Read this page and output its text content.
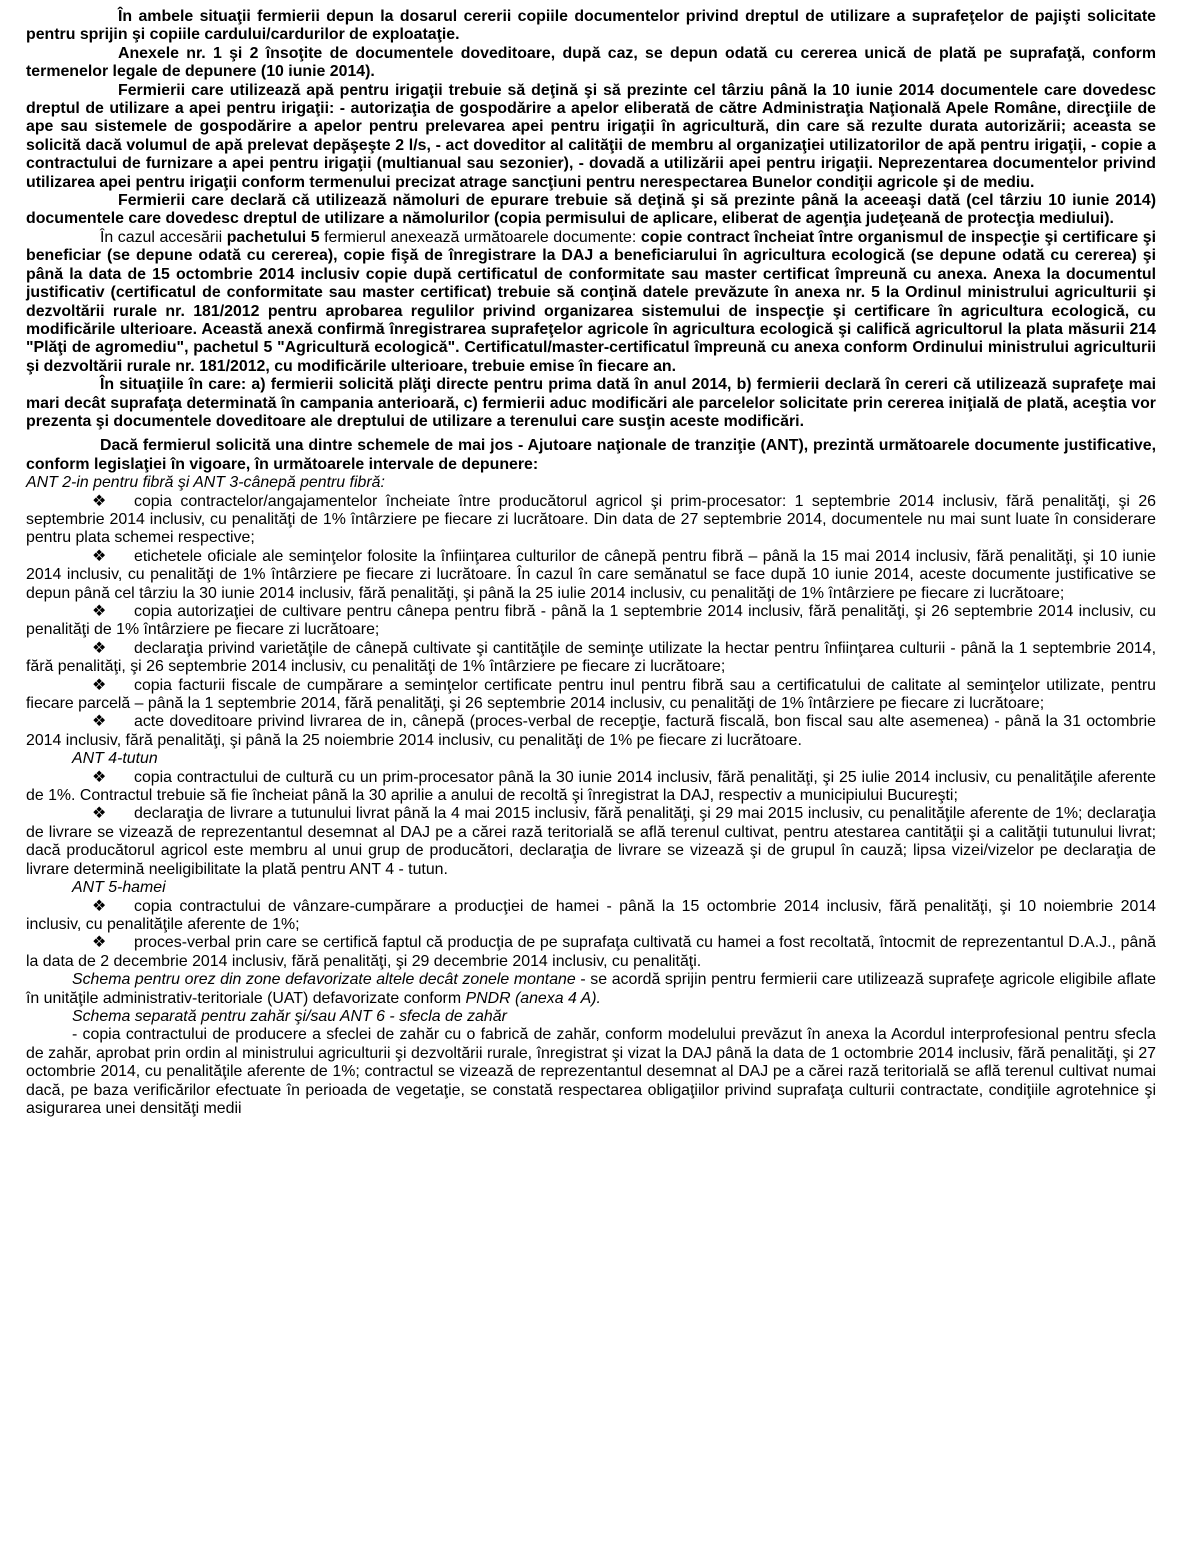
În ambele situaţii fermierii depun la dosarul cererii copiile documentelor privind dreptul de utilizare a suprafeţelor de pajişti solicitate pentru sprijin şi copiile cardului/cardurilor de exploataţie.

Anexele nr. 1 şi 2 însoţite de documentele doveditoare, după caz, se depun odată cu cererea unică de plată pe suprafaţă, conform termenelor legale de depunere (10 iunie 2014).

Fermierii care utilizează apă pentru irigaţii trebuie să deţină şi să prezinte cel târziu până la 10 iunie 2014 documentele care dovedesc dreptul de utilizare a apei pentru irigaţii: - autorizaţia de gospodărire a apelor eliberată de către Administraţia Naţională Apele Române, direcţiile de ape sau sistemele de gospodărire a apelor pentru prelevarea apei pentru irigaţii în agricultură, din care să rezulte durata autorizării; aceasta se solicită dacă volumul de apă prelevat depăşeşte 2 l/s, - act doveditor al calităţii de membru al organizaţiei utilizatorilor de apă pentru irigaţii, - copie a contractului de furnizare a apei pentru irigaţii (multianual sau sezonier), - dovadă a utilizării apei pentru irigaţii. Neprezentarea documentelor privind utilizarea apei pentru irigaţii conform termenului precizat atrage sancţiuni pentru nerespectarea Bunelor condiţii agricole şi de mediu.

Fermierii care declară că utilizează nămoluri de epurare trebuie să deţină şi să prezinte până la aceeaşi dată (cel târziu 10 iunie 2014) documentele care dovedesc dreptul de utilizare a nămolurilor (copia permisului de aplicare, eliberat de agenţia judeţeană de protecţia mediului).

În cazul accesării pachetului 5 fermierul anexează următoarele documente: copie contract încheiat între organismul de inspecţie şi certificare şi beneficiar (se depune odată cu cererea), copie fişă de înregistrare la DAJ a beneficiarului în agricultura ecologică (se depune odată cu cererea) şi până la data de 15 octombrie 2014 inclusiv copie după certificatul de conformitate sau master certificat împreună cu anexa. Anexa la documentul justificativ (certificatul de conformitate sau master certificat) trebuie să conţină datele prevăzute în anexa nr. 5 la Ordinul ministrului agriculturii şi dezvoltării rurale nr. 181/2012 pentru aprobarea regulilor privind organizarea sistemului de inspecţie şi certificare în agricultura ecologică, cu modificările ulterioare. Această anexă confirmă înregistrarea suprafeţelor agricole în agricultura ecologică şi califică agricultorul la plata măsurii 214 "Plăţi de agromediu", pachetul 5 "Agricultură ecologică". Certificatul/master-certificatul împreună cu anexa conform Ordinului ministrului agriculturii şi dezvoltării rurale nr. 181/2012, cu modificările ulterioare, trebuie emise în fiecare an.

În situaţiile în care: a) fermierii solicită plăţi directe pentru prima dată în anul 2014, b) fermierii declară în cereri că utilizează suprafeţe mai mari decât suprafaţa determinată în campania anterioară, c) fermierii aduc modificări ale parcelelor solicitate prin cererea iniţială de plată, aceştia vor prezenta şi documentele doveditoare ale dreptului de utilizare a terenului care susţin aceste modificări.

Dacă fermierul solicită una dintre schemele de mai jos - Ajutoare naţionale de tranziţie (ANT), prezintă următoarele documente justificative, conform legislaţiei în vigoare, în următoarele intervale de depunere:

ANT 2-in pentru fibră şi ANT 3-cânepă pentru fibră:

❖ copia contractelor/angajamentelor încheiate între producătorul agricol şi prim-procesator: 1 septembrie 2014 inclusiv, fără penalităţi, şi 26 septembrie 2014 inclusiv, cu penalităţi de 1% întârziere pe fiecare zi lucrătoare. Din data de 27 septembrie 2014, documentele nu mai sunt luate în considerare pentru plata schemei respective;

❖ etichetele oficiale ale seminţelor folosite la înfiinţarea culturilor de cânepă pentru fibră – până la 15 mai 2014 inclusiv, fără penalităţi, şi 10 iunie 2014 inclusiv, cu penalităţi de 1% întârziere pe fiecare zi lucrătoare. În cazul în care semănatul se face după 10 iunie 2014, aceste documente justificative se depun până cel târziu la 30 iunie 2014 inclusiv, fără penalităţi, şi până la 25 iulie 2014 inclusiv, cu penalităţi de 1% întârziere pe fiecare zi lucrătoare;

❖ copia autorizaţiei de cultivare pentru cânepa pentru fibră - până la 1 septembrie 2014 inclusiv, fără penalităţi, şi 26 septembrie 2014 inclusiv, cu penalităţi de 1% întârziere pe fiecare zi lucrătoare;

❖ declaraţia privind varietăţile de cânepă cultivate şi cantităţile de seminţe utilizate la hectar pentru înfiinţarea culturii - până la 1 septembrie 2014, fără penalităţi, şi 26 septembrie 2014 inclusiv, cu penalităţi de 1% întârziere pe fiecare zi lucrătoare;

❖ copia facturii fiscale de cumpărare a seminţelor certificate pentru inul pentru fibră sau a certificatului de calitate al seminţelor utilizate, pentru fiecare parcelă – până la 1 septembrie 2014, fără penalităţi, şi 26 septembrie 2014 inclusiv, cu penalităţi de 1% întârziere pe fiecare zi lucrătoare;

❖ acte doveditoare privind livrarea de in, cânepă (proces-verbal de recepţie, factură fiscală, bon fiscal sau alte asemenea) - până la 31 octombrie 2014 inclusiv, fără penalităţi, şi până la 25 noiembrie 2014 inclusiv, cu penalităţi de 1% pe fiecare zi lucrătoare.

ANT 4-tutun

❖ copia contractului de cultură cu un prim-procesator până la 30 iunie 2014 inclusiv, fără penalităţi, şi 25 iulie 2014 inclusiv, cu penalităţile aferente de 1%. Contractul trebuie să fie încheiat până la 30 aprilie a anului de recoltă şi înregistrat la DAJ, respectiv a municipiului Bucureşti;

❖ declaraţia de livrare a tutunului livrat până la 4 mai 2015 inclusiv, fără penalităţi, şi 29 mai 2015 inclusiv, cu penalităţile aferente de 1%; declaraţia de livrare se vizează de reprezentantul desemnat al DAJ pe a cărei rază teritorială se află terenul cultivat, pentru atestarea cantităţii şi a calităţii tutunului livrat; dacă producătorul agricol este membru al unui grup de producători, declaraţia de livrare se vizează şi de grupul în cauză; lipsa vizei/vizelor pe declaraţia de livrare determină neeligibilitate la plată pentru ANT 4 - tutun.

ANT 5-hamei

❖ copia contractului de vânzare-cumpărare a producţiei de hamei - până la 15 octombrie 2014 inclusiv, fără penalităţi, şi 10 noiembrie 2014 inclusiv, cu penalităţile aferente de 1%;

❖ proces-verbal prin care se certifică faptul că producţia de pe suprafaţa cultivată cu hamei a fost recoltată, întocmit de reprezentantul D.A.J., până la data de 2 decembrie 2014 inclusiv, fără penalităţi, şi 29 decembrie 2014 inclusiv, cu penalităţi.

Schema pentru orez din zone defavorizate altele decât zonele montane - se acordă sprijin pentru fermierii care utilizează suprafeţe agricole eligibile aflate în unităţile administrativ-teritoriale (UAT) defavorizate conform PNDR (anexa 4 A).

Schema separată pentru zahăr şi/sau ANT 6 - sfecla de zahăr

- copia contractului de producere a sfeclei de zahăr cu o fabrică de zahăr, conform modelului prevăzut în anexa la Acordul interprofesional pentru sfecla de zahăr, aprobat prin ordin al ministrului agriculturii şi dezvoltării rurale, înregistrat şi vizat la DAJ până la data de 1 octombrie 2014 inclusiv, fără penalităţi, şi 27 octombrie 2014, cu penalităţile aferente de 1%; contractul se vizează de reprezentantul desemnat al DAJ pe a cărei rază teritorială se află terenul cultivat numai dacă, pe baza verificărilor efectuate în perioada de vegetaţie, se constată respectarea obligaţiilor privind suprafaţa culturii contractate, condiţiile agrotehnice şi asigurarea unei densităţi medii
